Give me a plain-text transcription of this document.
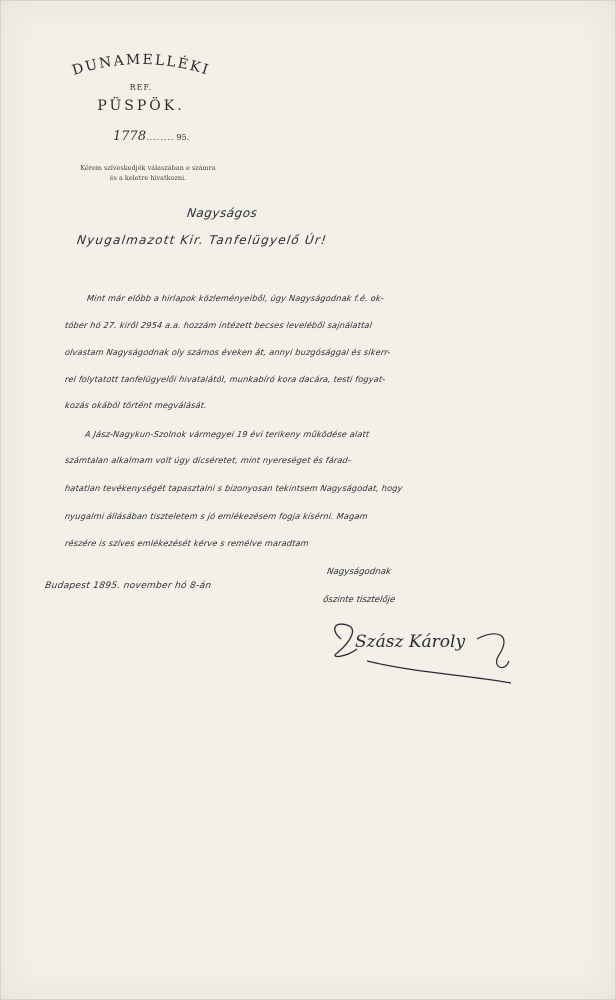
DUNAMELLÉKI
REF.
PÜSPÖK.
1778........ 95.
Kérem szíveskedjék válaszában e számra
és a keletre hivatkozni.
Nagyságos
Nyugalmazott Kir. Tanfelügyelő Úr!
Mint már előbb a hirlapok közleményeiből, úgy Nagyságodnak f.é. ok-
tóber hó 27. kiről 2954 a.a. hozzám intézett becses leveléből sajnálattal
olvastam Nagyságodnak oly számos éveken át, annyi buzgósággal és sikerr-
rel folytatott tanfelügyelői hivatalától, munkabíró kora dacára, testi fogyat-
kozás okából történt megválását.
A Jász-Nagykun-Szolnok vármegyei 19 évi terikeny működése alatt
számtalan alkalmam volt úgy dicséretet, mint nyereséget és fárad-
hatatlan tevékenységét tapasztalni s bizonyosan tekintsem Nagyságodat, hogy
nyugalmi állásában tiszteletem s jó emlékezésem fogja kísérni. Magam
részére is szíves emlékezését kérve s remélve maradtam
Nagyságodnak
Budapest 1895. november hó 8-án
őszinte tisztelője
Szász Károly
